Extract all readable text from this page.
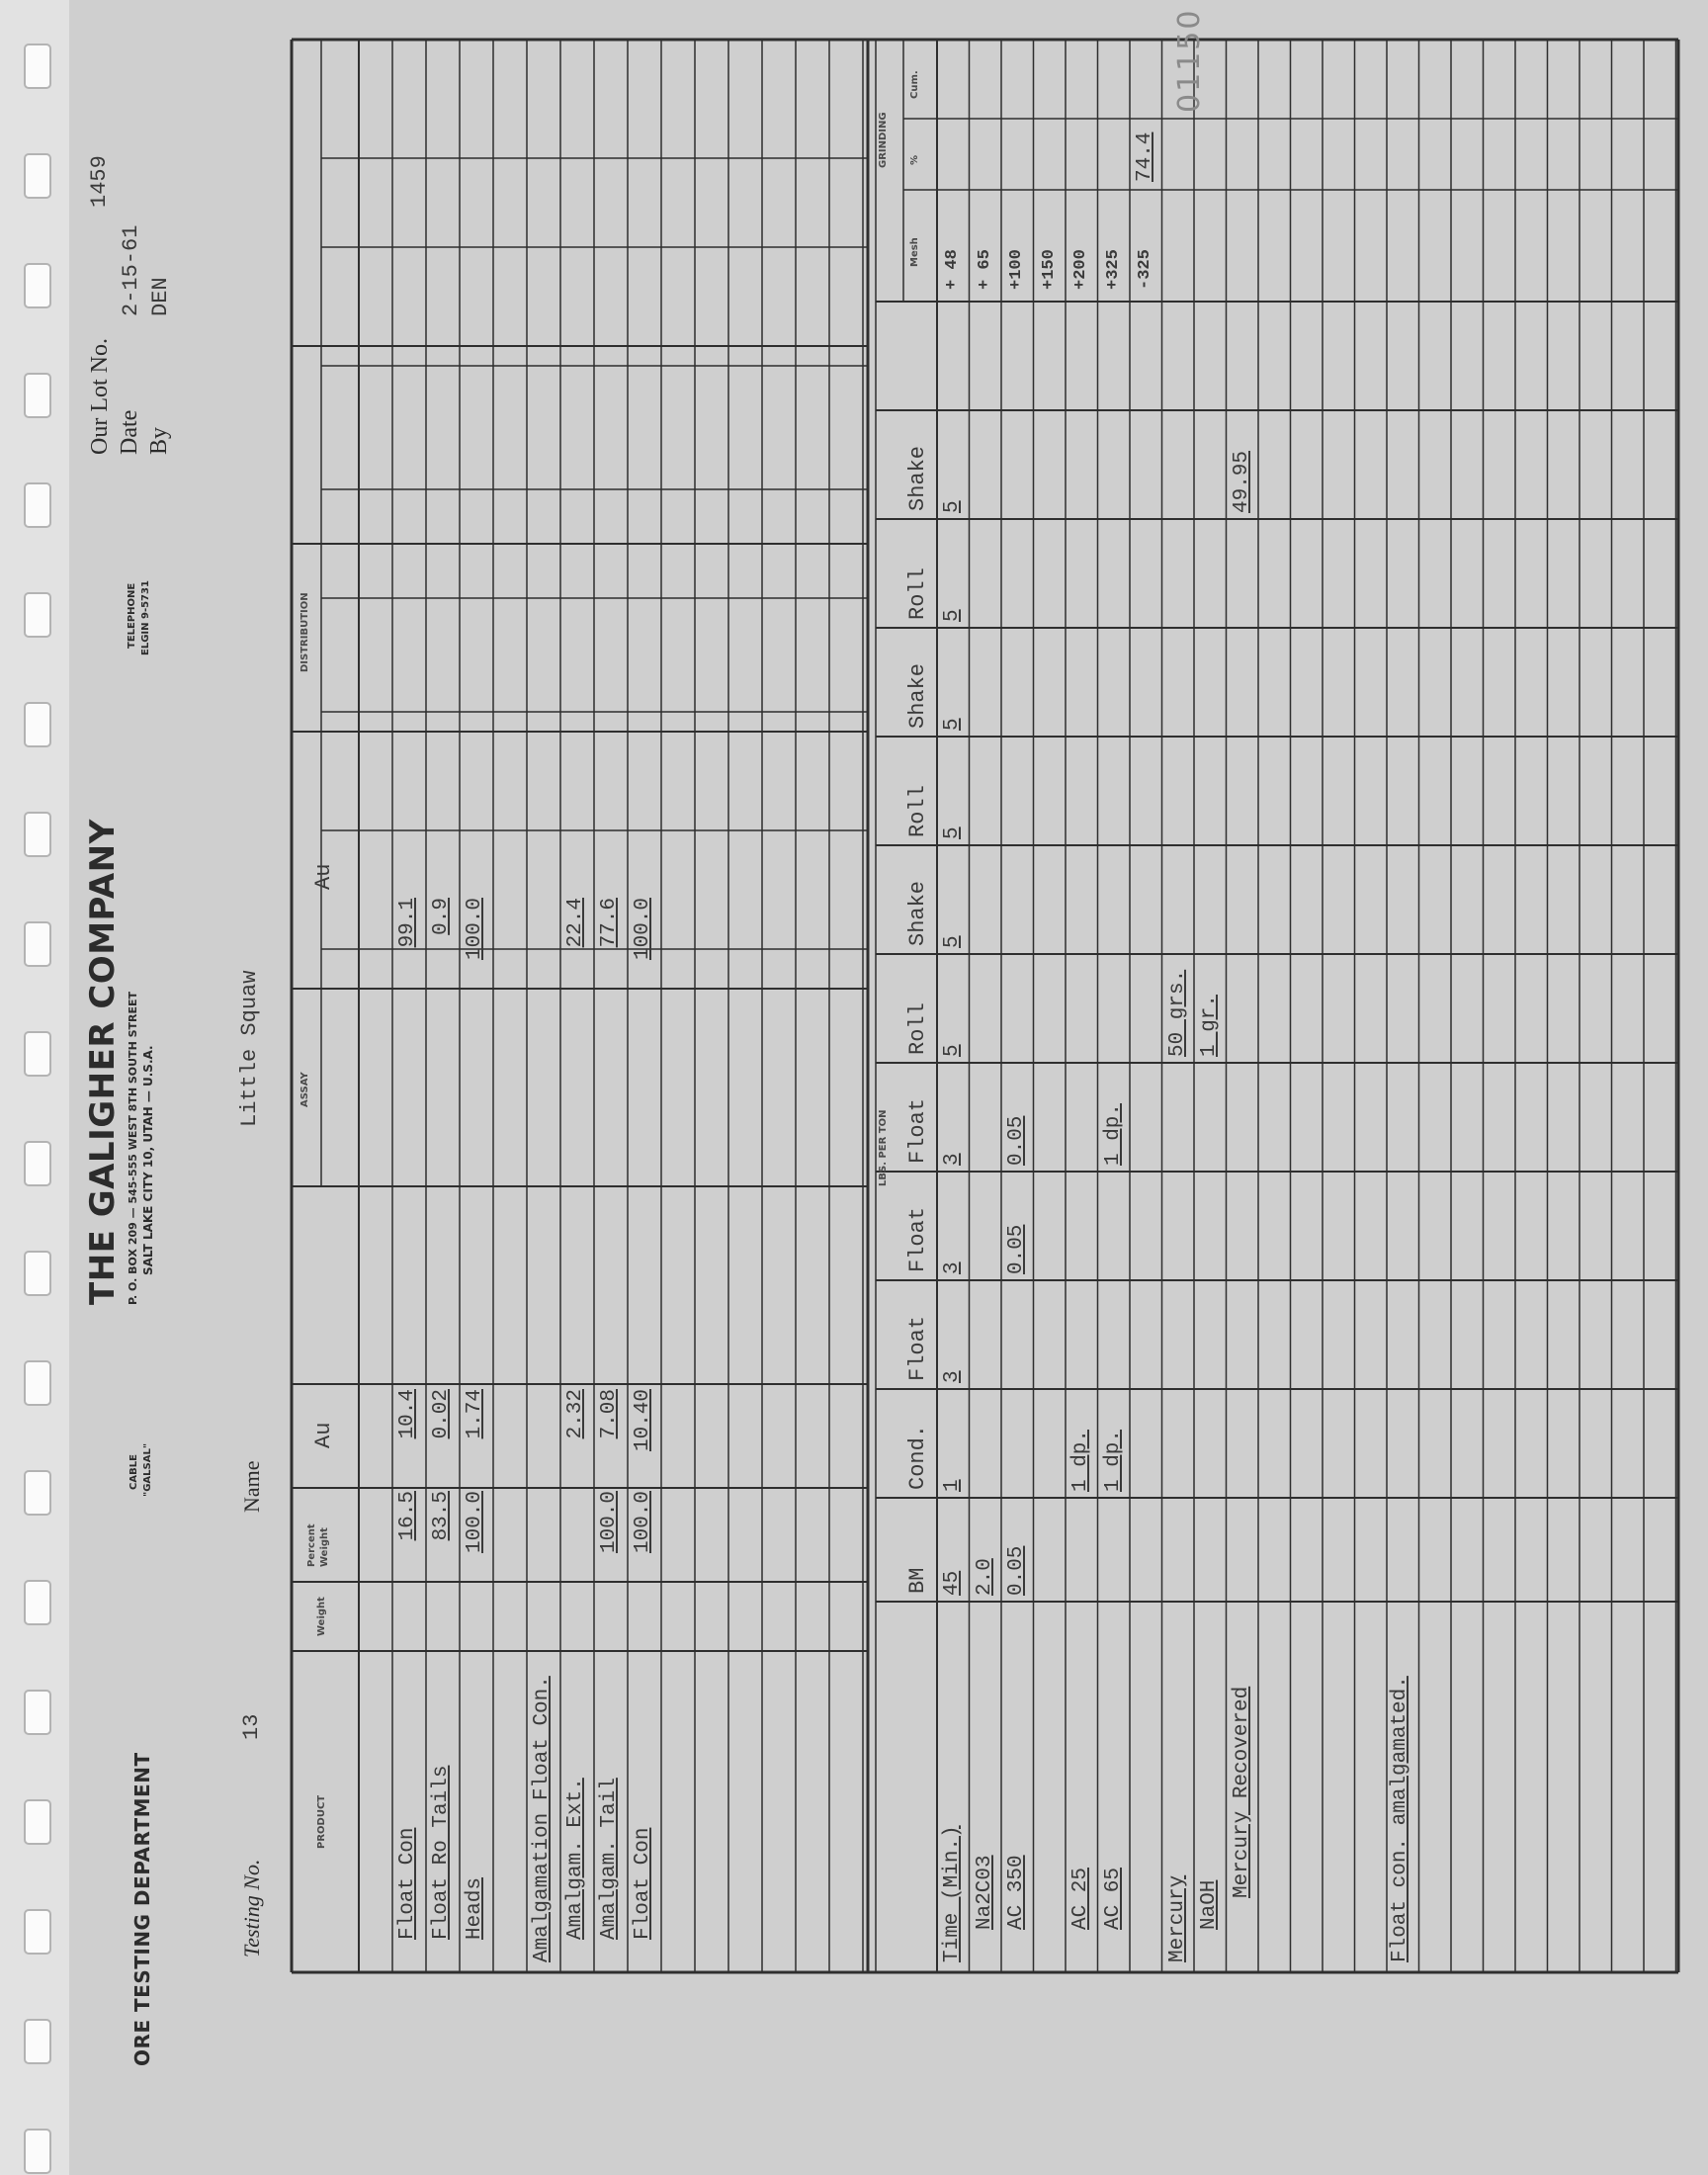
ORE TESTING DEPARTMENT
CABLE "GALSAL"
THE GALIGHER COMPANY P. O. BOX 209 — 545-555 WEST 8TH SOUTH STREET SALT LAKE CITY 10, UTAH — U.S.A.
TELEPHONE ELGIN 9-5731
Our Lot No.
1459
Date
2-15-61
By
DEN
Testing No.
13
Name
Little Squaw
PRODUCT
Weight
Percent Weight
Au
ASSAY
Au
DISTRIBUTION
Float Con
16.5
10.4
99.1
Float Ro Tails
83.5
0.02
0.9
Heads
100.0
1.74
100.0
Amalgamation Float Con. Amalgam. Ext.
2.32
22.4
Amalgam. Tail
100.0
7.08
77.6
Float Con
100.0
10.40
100.0
LBS. PER TON
GRINDING
Mesh
%
Cum.
BM
Cond.
Float
Float
Float
Roll
Shake
Roll
Shake
Roll
Shake
Time (Min.)
45
1
3
3
3
5
5
5
5
5
5
Na2C03
2.0
AC 350
0.05
0.05
0.05
AC 25
1 dp.
AC 65
1 dp.
1 dp.
Mercury
50 grs.
NaOH
1 gr.
Mercury Recovered
49.95
Float con. amalgamated.
+ 48 + 65 +100 +150 +200 +325 -325
74.4
01150
